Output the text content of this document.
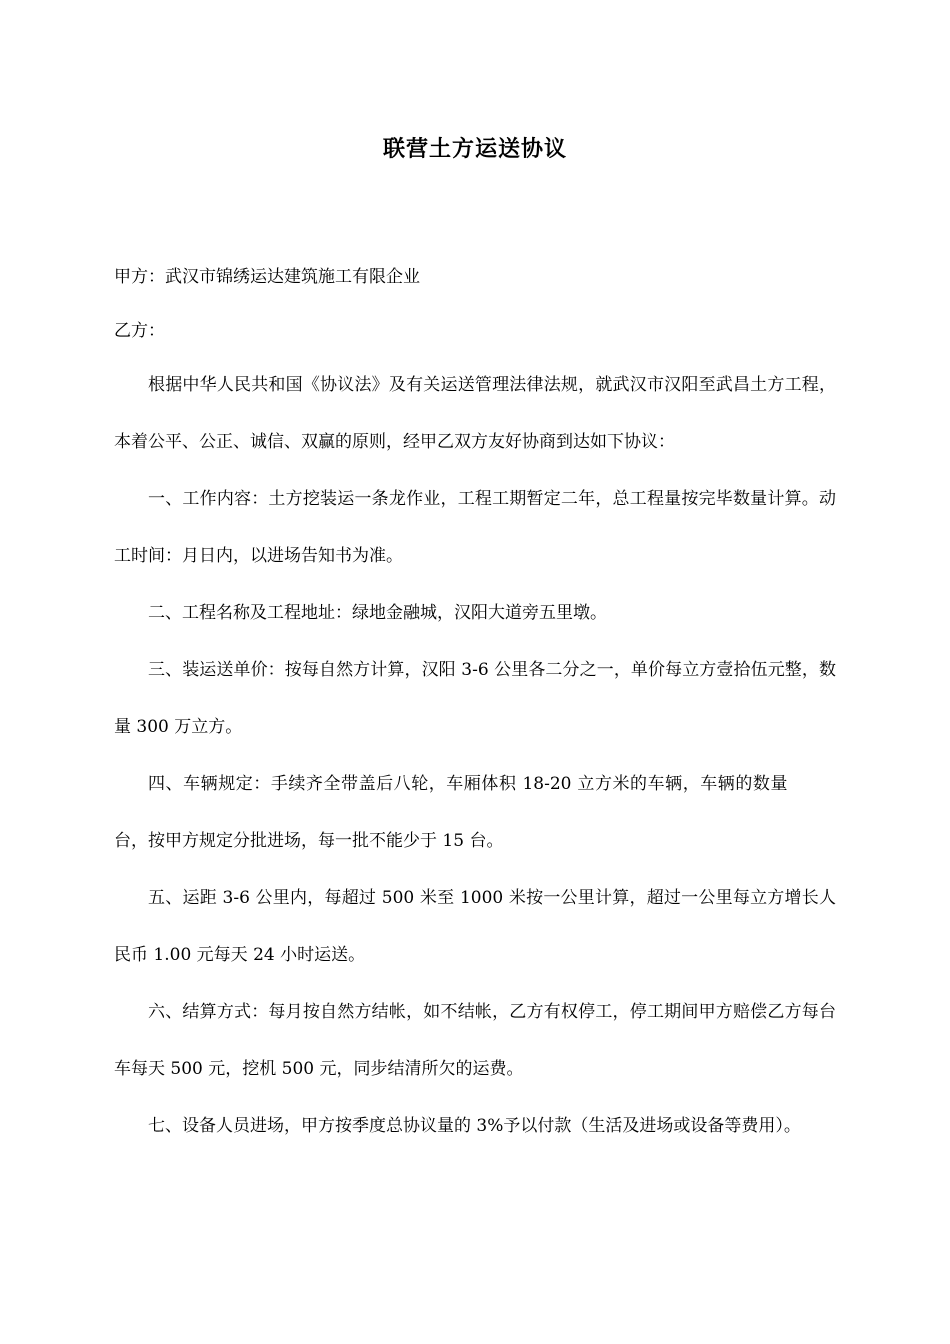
联营土方运送协议
甲方：武汉市锦绣运达建筑施工有限企业
乙方：

根据中华人民共和国《协议法》及有关运送管理法律法规，就武汉市汉阳至武昌土方工程，本着公平、公正、诚信、双赢的原则，经甲乙双方友好协商到达如下协议：

一、工作内容：土方挖装运一条龙作业，工程工期暂定二年，总工程量按完毕数量计算。动工时间：月日内，以进场告知书为准。

二、工程名称及工程地址：绿地金融城，汉阳大道旁五里墩。

三、装运送单价：按每自然方计算，汉阳 3-6 公里各二分之一，单价每立方壹拾伍元整，数量 300 万立方。

四、车辆规定：手续齐全带盖后八轮，车厢体积 18-20 立方米的车辆，车辆的数量台，按甲方规定分批进场，每一批不能少于 15 台。

五、运距 3-6 公里内，每超过 500 米至 1000 米按一公里计算，超过一公里每立方增长人民币 1.00 元每天 24 小时运送。

六、结算方式：每月按自然方结帐，如不结帐，乙方有权停工，停工期间甲方赔偿乙方每台车每天 500 元，挖机 500 元，同步结清所欠的运费。

七、设备人员进场，甲方按季度总协议量的 3%予以付款（生活及进场或设备等费用）。
